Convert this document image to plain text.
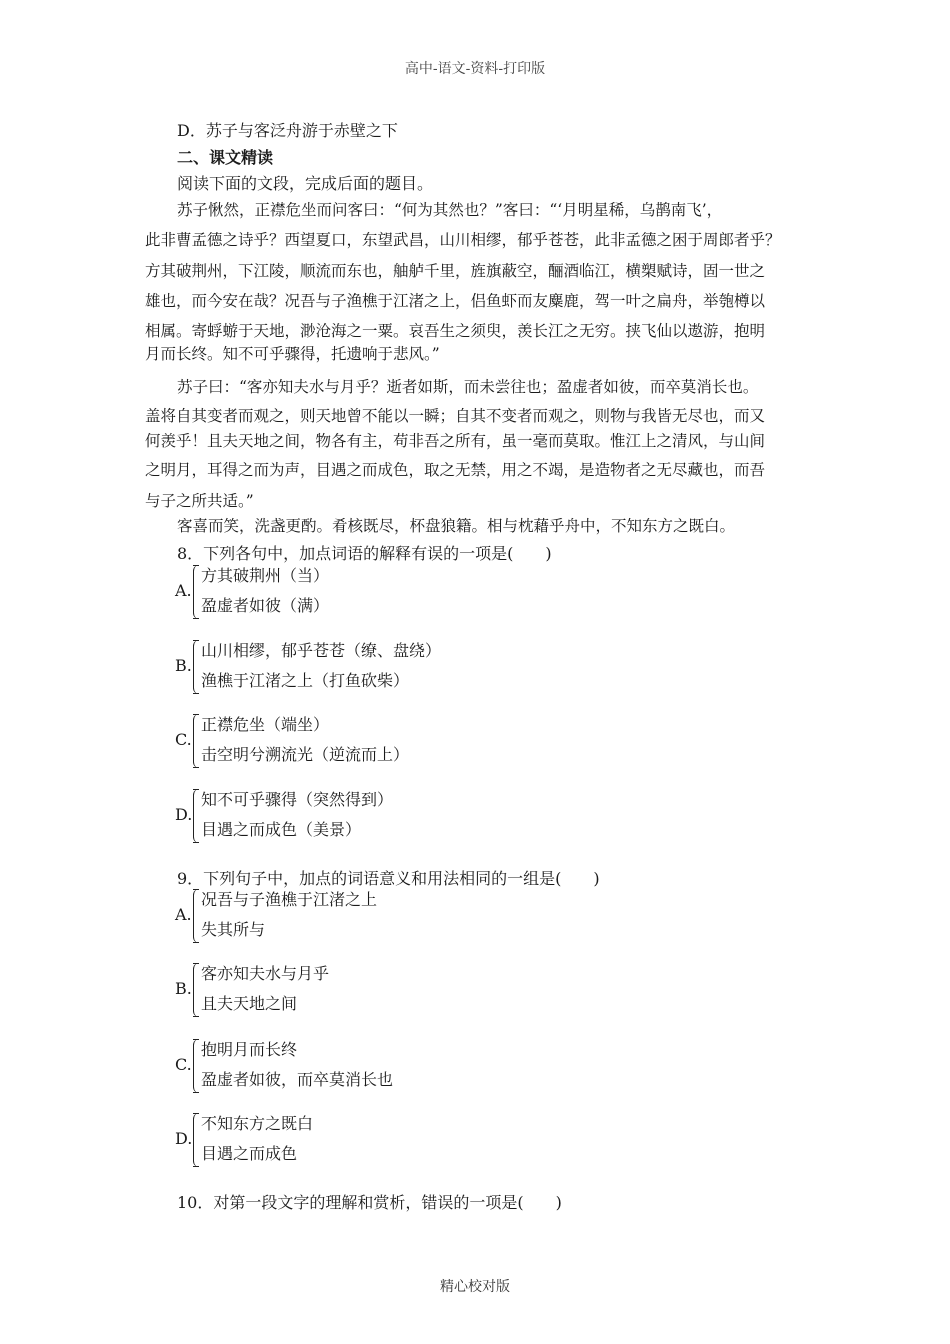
高中-语文-资料-打印版
D．苏子与客泛舟游于赤壁之下
二、课文精读
阅读下面的文段，完成后面的题目。
苏子愀然，正襟危坐而问客曰：“何为其然也？”客曰：“‘月明星稀，乌鹊南飞’，
此非曹孟德之诗乎？西望夏口，东望武昌，山川相缪，郁乎苍苍，此非孟德之困于周郎者乎？
方其破荆州，下江陵，顺流而东也，舳舻千里，旌旗蔽空，酾酒临江，横槊赋诗，固一世之
雄也，而今安在哉？况吾与子渔樵于江渚之上，侣鱼虾而友麋鹿，驾一叶之扁舟，举匏樽以
相属。寄蜉蝣于天地，渺沧海之一粟。哀吾生之须臾，羡长江之无穷。挟飞仙以遨游，抱明
月而长终。知不可乎骤得，托遗响于悲风。”
苏子曰：“客亦知夫水与月乎？逝者如斯，而未尝往也；盈虚者如彼，而卒莫消长也。
盖将自其变者而观之，则天地曾不能以一瞬；自其不变者而观之，则物与我皆无尽也，而又
何羡乎！且夫天地之间，物各有主，苟非吾之所有，虽一毫而莫取。惟江上之清风，与山间
之明月，耳得之而为声，目遇之而成色，取之无禁，用之不竭，是造物者之无尽藏也，而吾
与子之所共适。”
客喜而笑，洗盏更酌。肴核既尽，杯盘狼籍。相与枕藉乎舟中，不知东方之既白。
8．下列各句中，加点词语的解释有误的一项是(　　)
A.
方其破荆州（当）
盈虚者如彼（满）
B.
山川相缪，郁乎苍苍（缭、盘绕）
渔樵于江渚之上（打鱼砍柴）
C.
正襟危坐（端坐）
击空明兮溯流光（逆流而上）
D.
知不可乎骤得（突然得到）
目遇之而成色（美景）
9．下列句子中，加点的词语意义和用法相同的一组是(　　)
A.
况吾与子渔樵于江渚之上
失其所与
B.
客亦知夫水与月乎
且夫天地之间
C.
抱明月而长终
盈虚者如彼，而卒莫消长也
D.
不知东方之既白
目遇之而成色
10．对第一段文字的理解和赏析，错误的一项是(　　)
精心校对版
